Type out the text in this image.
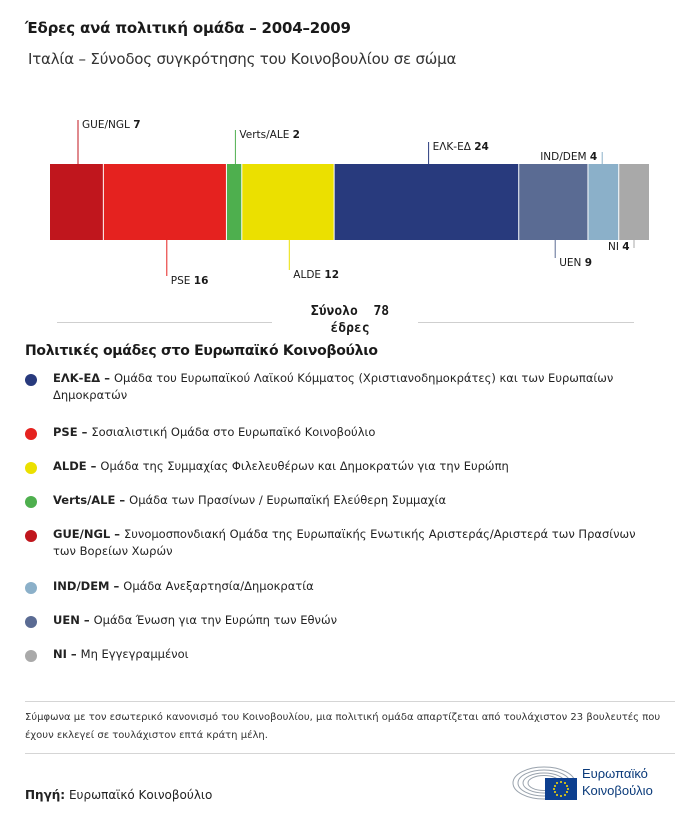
Έδρες ανά πολιτική ομάδα – 2004–2009
Ιταλία – Σύνοδος συγκρότησης του Κοινοβουλίου σε σώμα
GUE/NGL 7
PSE 16
Verts/ALE 2
ALDE 12
ΕΛΚ-ΕΔ 24
UEN 9
IND/DEM 4
NI 4
Σύνολο 78
έδρες
Πολιτικές ομάδες στο Ευρωπαϊκό Κοινοβούλιο
ΕΛΚ-ΕΔ – Ομάδα του Ευρωπαϊκού Λαϊκού Κόμματος (Χριστιανοδημοκράτες) και των Ευρωπαίων Δημοκρατών
PSE – Σοσιαλιστική Ομάδα στο Ευρωπαϊκό Κοινοβούλιο
ALDE – Ομάδα της Συμμαχίας Φιλελευθέρων και Δημοκρατών για την Ευρώπη
Verts/ALE – Ομάδα των Πρασίνων / Ευρωπαϊκή Ελεύθερη Συμμαχία
GUE/NGL – Συνομοσπονδιακή Ομάδα της Ευρωπαϊκής Ενωτικής Αριστεράς/Αριστερά των Πρασίνων των Βορείων Χωρών
IND/DEM – Ομάδα Ανεξαρτησία/Δημοκρατία
UEN – Ομάδα Ένωση για την Ευρώπη των Εθνών
NI – Μη Εγγεγραμμένοι
Σύμφωνα με τον εσωτερικό κανονισμό του Κοινοβουλίου, μια πολιτική ομάδα απαρτίζεται από τουλάχιστον 23 βουλευτές που έχουν εκλεγεί σε τουλάχιστον επτά κράτη μέλη.
Πηγή: Ευρωπαϊκό Κοινοβούλιο
Ευρωπαϊκό
Κοινοβούλιο
